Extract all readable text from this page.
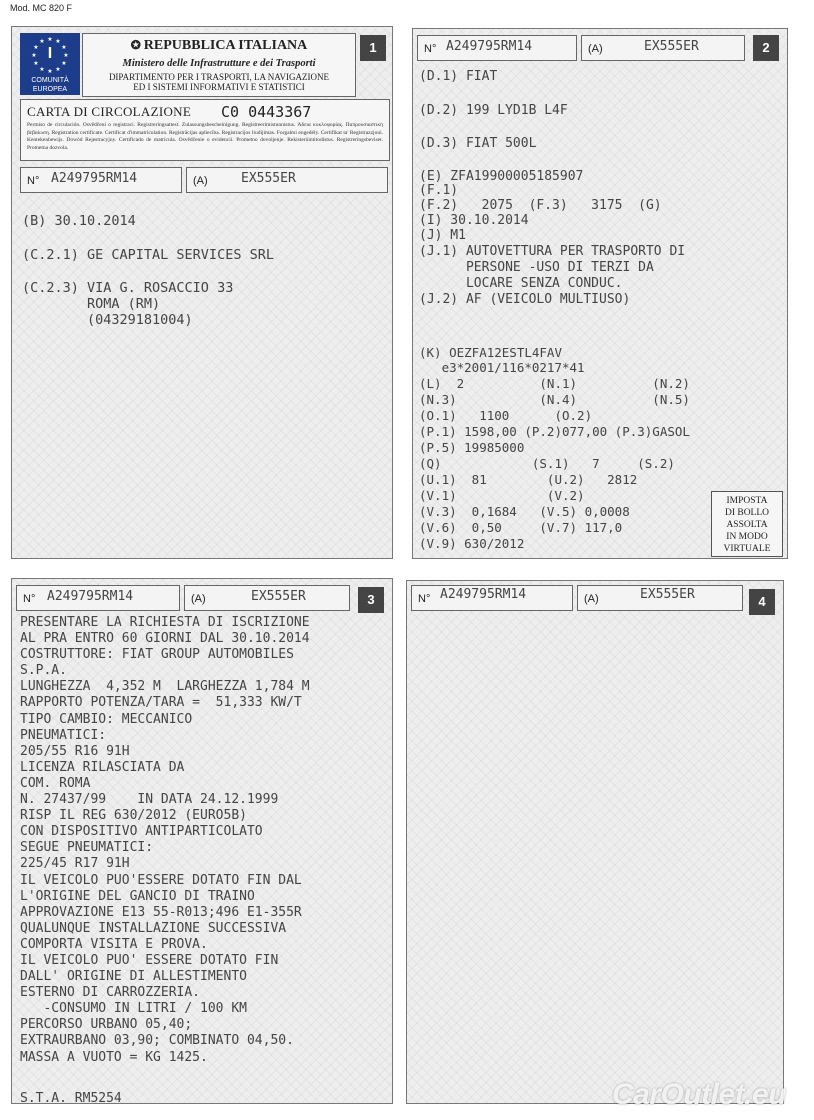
Mod. MC 820 F
1
★ ★
★
★
★
★
★
★
★
★
★
★
I
COMUNITÀ
EUROPEA
✪ REPUBBLICA ITALIANA
Ministero delle Infrastrutture e dei Trasporti
DIPARTIMENTO PER I TRASPORTI, LA NAVIGAZIONE
ED I SISTEMI INFORMATIVI E STATISTICI
CARTA DI CIRCOLAZIONE C0 0443367
Permiso de circulación. Osvědčení o registraci. Registreringsattest. Zulassungsbescheinigung. Registreerimistunnistus. Άδεια κυκλοφορίας. Παπρουσιαστική βεβαίωση. Registration certificate. Certificat d'immatriculation. Registrācijas apliecība. Registracijos liudijimas. Forgalmi engedély. Certifikat ta' Registrazzjoni. Kentekenbewijs. Dowód Rejestracyjny. Certificado de matrícula. Osvědčenie o evidencii. Prometno dovoljenje. Rekisteröintitodistus. Registreringsbeviset. Prometna dozvola.
N° A249795RM14	(A)	EX555ER
(B) 30.10.2014
(C.2.1) GE CAPITAL SERVICES SRL
(C.2.3) VIA G. ROSACCIO 33
ROMA (RM)
(04329181004)
2
N° A249795RM14	(A)	EX555ER
(D.1) FIAT
(D.2) 199 LYD1B L4F
(D.3) FIAT 500L
(E) ZFA19900005185907
(F.1)
(F.2)   2075  (F.3)   3175  (G)
(I) 30.10.2014
(J) M1
(J.1) AUTOVETTURA PER TRASPORTO DI
PERSONE -USO DI TERZI DA
LOCARE SENZA CONDUC.
(J.2) AF (VEICOLO MULTIUSO)
(K) OEZFA12ESTL4FAV
e3*2001/116*0217*41
(L)  2          (N.1)          (N.2)
(N.3)           (N.4)          (N.5)
(O.1)   1100      (O.2)
(P.1) 1598,00 (P.2)077,00 (P.3)GASOL
(P.5) 19985000
(Q)            (S.1)   7     (S.2)
(U.1)  81        (U.2)   2812
(V.1)            (V.2)
(V.3)  0,1684   (V.5) 0,0008
(V.6)  0,50     (V.7) 117,0
(V.9) 630/2012
IMPOSTA
DI BOLLO
ASSOLTA
IN MODO
VIRTUALE
3
N° A249795RM14	(A)	EX555ER
PRESENTARE LA RICHIESTA DI ISCRIZIONE
AL PRA ENTRO 60 GIORNI DAL 30.10.2014
COSTRUTTORE: FIAT GROUP AUTOMOBILES
S.P.A.
LUNGHEZZA  4,352 M  LARGHEZZA 1,784 M
RAPPORTO POTENZA/TARA =  51,333 KW/T
TIPO CAMBIO: MECCANICO
PNEUMATICI:
205/55 R16 91H
LICENZA RILASCIATA DA
COM. ROMA
N. 27437/99    IN DATA 24.12.1999
RISP IL REG 630/2012 (EURO5B)
CON DISPOSITIVO ANTIPARTICOLATO
SEGUE PNEUMATICI:
225/45 R17 91H
IL VEICOLO PUO'ESSERE DOTATO FIN DAL
L'ORIGINE DEL GANCIO DI TRAINO
APPROVAZIONE E13 55-R013;496 E1-355R
QUALUNQUE INSTALLAZIONE SUCCESSIVA
COMPORTA VISITA E PROVA.
IL VEICOLO PUO' ESSERE DOTATO FIN
DALL' ORIGINE DI ALLESTIMENTO
ESTERNO DI CARROZZERIA.
-CONSUMO IN LITRI / 100 KM
PERCORSO URBANO 05,40;
EXTRAURBANO 03,90; COMBINATO 04,50.
MASSA A VUOTO = KG 1425.
S.T.A. RM5254
4
N° A249795RM14	(A)	EX555ER
CarOutlet.eu
